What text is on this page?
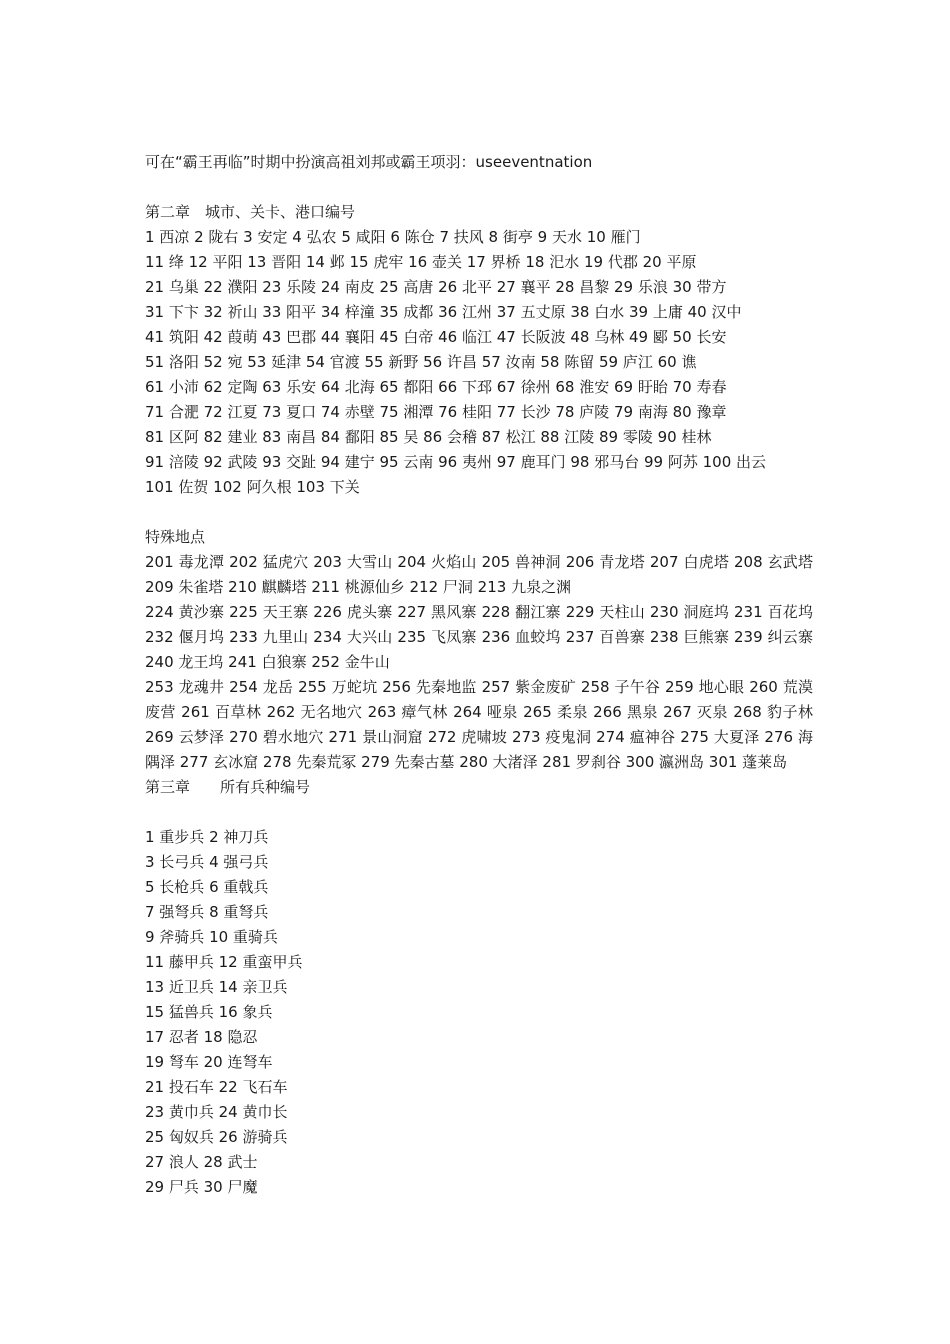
可在“霸王再临”时期中扮演高祖刘邦或霸王项羽：useeventnation

第二章　城市、关卡、港口编号

1 西凉 2 陇右 3 安定 4 弘农 5 咸阳 6 陈仓 7 扶风 8 街亭 9 天水 10 雁门

11 绛 12 平阳 13 晋阳 14 邺 15 虎牢 16 壶关 17 界桥 18 汜水 19 代郡 20 平原

21 乌巢 22 濮阳 23 乐陵 24 南皮 25 高唐 26 北平 27 襄平 28 昌黎 29 乐浪 30 带方

31 下卞 32 祈山 33 阳平 34 梓潼 35 成都 36 江州 37 五丈原 38 白水 39 上庸 40 汉中

41 筑阳 42 葭萌 43 巴郡 44 襄阳 45 白帝 46 临江 47 长阪波 48 乌林 49 郾 50 长安

51 洛阳 52 宛 53 延津 54 官渡 55 新野 56 许昌 57 汝南 58 陈留 59 庐江 60 谯

61 小沛 62 定陶 63 乐安 64 北海 65 都阳 66 下邳 67 徐州 68 淮安 69 盱眙 70 寿春

71 合淝 72 江夏 73 夏口 74 赤壁 75 湘潭 76 桂阳 77 长沙 78 庐陵 79 南海 80 豫章

81 区阿 82 建业 83 南昌 84 鄱阳 85 吴 86 会稽 87 松江 88 江陵 89 零陵 90 桂林

91 涪陵 92 武陵 93 交趾 94 建宁 95 云南 96 夷州 97 鹿耳门 98 邪马台 99 阿苏 100 出云

101 佐贺 102 阿久根 103 下关

特殊地点

201 毒龙潭 202 猛虎穴 203 大雪山 204 火焰山 205 兽神洞 206 青龙塔 207 白虎塔 208 玄武塔 209 朱雀塔 210 麒麟塔 211 桃源仙乡 212 尸洞 213 九泉之渊

224 黄沙寨 225 天王寨 226 虎头寨 227 黑风寨 228 翻江寨 229 天柱山 230 洞庭坞 231 百花坞 232 偃月坞 233 九里山 234 大兴山 235 飞凤寨 236 血蛟坞 237 百兽寨 238 巨熊寨 239 纠云寨 240 龙王坞 241 白狼寨 252 金牛山

253 龙魂井 254 龙岳 255 万蛇坑 256 先秦地监 257 紫金废矿 258 子午谷 259 地心眼 260 荒漠废营 261 百草林 262 无名地穴 263 瘴气林 264 哑泉 265 柔泉 266 黑泉 267 灭泉 268 豹子林 269 云梦泽 270 碧水地穴 271 景山洞窟 272 虎啸坡 273 疫鬼洞 274 瘟神谷 275 大夏泽 276 海隅泽 277 玄冰窟 278 先秦荒冢 279 先秦古墓 280 大渚泽 281 罗刹谷 300 瀛洲岛 301 蓬莱岛

第三章　　所有兵种编号

1 重步兵 2 神刀兵

3 长弓兵 4 强弓兵

5 长枪兵 6 重戟兵

7 强弩兵 8 重弩兵

9 斧骑兵 10 重骑兵

11 藤甲兵 12 重蛮甲兵

13 近卫兵 14 亲卫兵

15 猛兽兵 16 象兵

17 忍者 18 隐忍

19 弩车 20 连弩车

21 投石车 22 飞石车

23 黄巾兵 24 黄巾长

25 匈奴兵 26 游骑兵

27 浪人 28 武士

29 尸兵 30 尸魔
